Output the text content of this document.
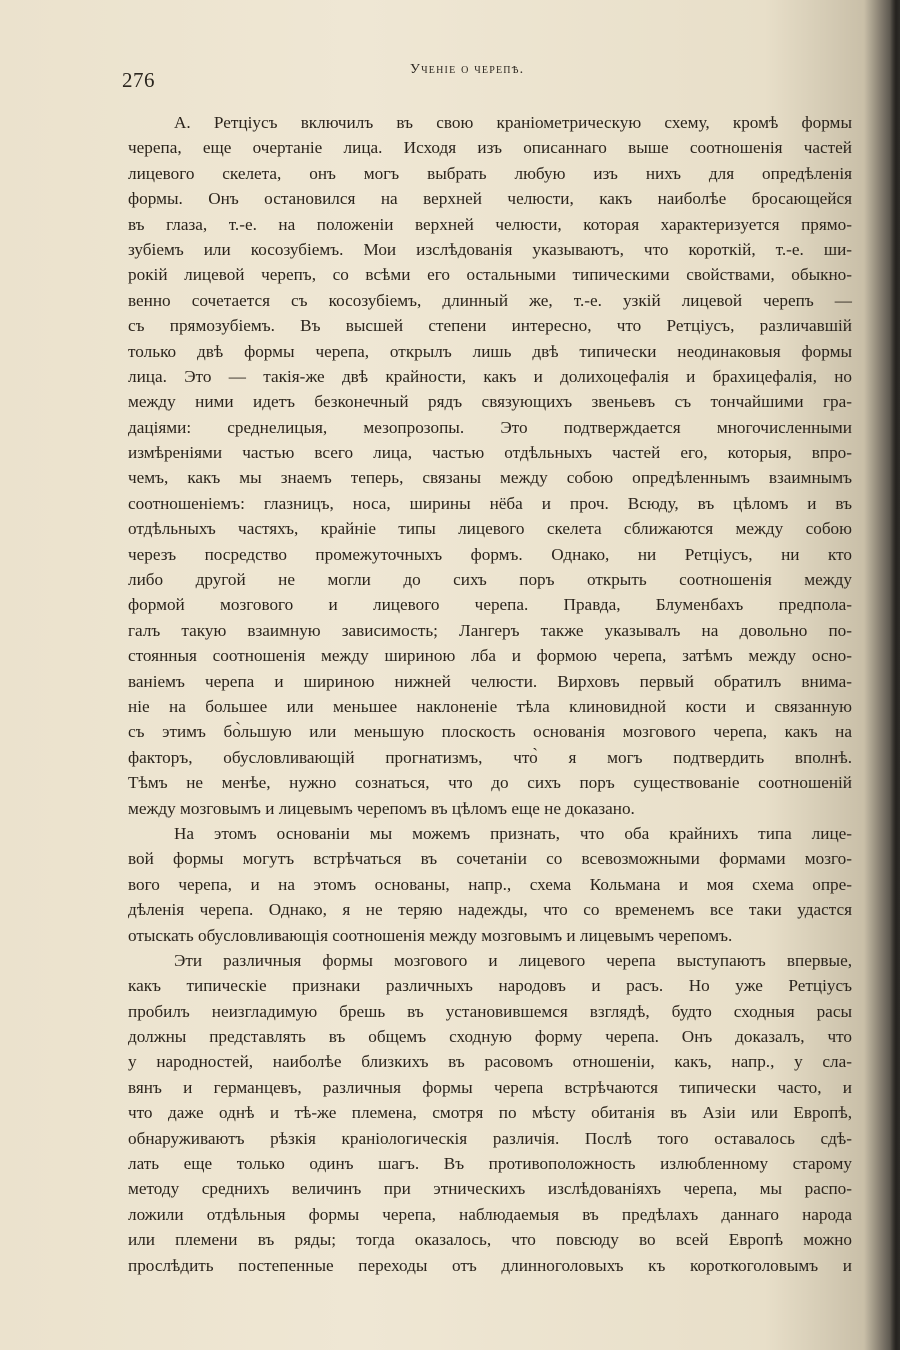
276	Ученіе о черепѣ.
А. Ретціусъ включилъ въ свою краніометрическую схему, кромѣ формы
черепа, еще очертаніе лица. Исходя изъ описаннаго выше соотношенія частей
лицевого скелета, онъ могъ выбрать любую изъ нихъ для опредѣленія
формы. Онъ остановился на верхней челюсти, какъ наиболѣе бросающейся
въ глаза, т.-е. на положеніи верхней челюсти, которая характеризуется прямо-
зубіемъ или косозубіемъ. Мои изслѣдованія указываютъ, что короткій, т.-е. ши-
рокій лицевой черепъ, со всѣми его остальными типическими свойствами, обыкно-
венно сочетается съ косозубіемъ, длинный же, т.-е. узкій лицевой черепъ —
съ прямозубіемъ. Въ высшей степени интересно, что Ретціусъ, различавшій
только двѣ формы черепа, открылъ лишь двѣ типически неодинаковыя формы
лица. Это — такія-же двѣ крайности, какъ и долихоцефалія и брахицефалія, но
между ними идетъ безконечный рядъ связующихъ звеньевъ съ тончайшими гра-
даціями: среднелицыя, мезопрозопы. Это подтверждается многочисленными
измѣреніями частью всего лица, частью отдѣльныхъ частей его, которыя, впро-
чемъ, какъ мы знаемъ теперь, связаны между собою опредѣленнымъ взаимнымъ
соотношеніемъ: глазницъ, носа, ширины нёба и проч. Всюду, въ цѣломъ и въ
отдѣльныхъ частяхъ, крайніе типы лицевого скелета сближаются между собою
черезъ посредство промежуточныхъ формъ. Однако, ни Ретціусъ, ни кто
либо другой не могли до сихъ поръ открыть соотношенія между
формой мозгового и лицевого черепа. Правда, Блуменбахъ предпола-
галъ такую взаимную зависимость; Лангеръ также указывалъ на довольно по-
стоянныя соотношенія между шириною лба и формою черепа, затѣмъ между осно-
ваніемъ черепа и шириною нижней челюсти. Вирховъ первый обратилъ внима-
ніе на большее или меньшее наклоненіе тѣла клиновидной кости и связанную
съ этимъ бо̀льшую или меньшую плоскость основанія мозгового черепа, какъ на
факторъ, обусловливающій прогнатизмъ, что̀ я могъ подтвердить вполнѣ.
Тѣмъ не менѣе, нужно сознаться, что до сихъ поръ существованіе соотношеній
между мозговымъ и лицевымъ черепомъ въ цѣломъ еще не доказано.
На этомъ основаніи мы можемъ признать, что оба крайнихъ типа лице-
вой формы могутъ встрѣчаться въ сочетаніи со всевозможными формами мозго-
вого черепа, и на этомъ основаны, напр., схема Кольмана и моя схема опре-
дѣленія черепа. Однако, я не теряю надежды, что со временемъ все таки удастся
отыскать обусловливающія соотношенія между мозговымъ и лицевымъ черепомъ.
Эти различныя формы мозгового и лицевого черепа выступаютъ впервые,
какъ типическіе признаки различныхъ народовъ и расъ. Но уже Ретціусъ
пробилъ неизгладимую брешь въ установившемся взглядѣ, будто сходныя расы
должны представлять въ общемъ сходную форму черепа. Онъ доказалъ, что
у народностей, наиболѣе близкихъ въ расовомъ отношеніи, какъ, напр., у сла-
вянъ и германцевъ, различныя формы черепа встрѣчаются типически часто, и
что даже однѣ и тѣ-же племена, смотря по мѣсту обитанія въ Азіи или Европѣ,
обнаруживаютъ рѣзкія краніологическія различія. Послѣ того оставалось сдѣ-
лать еще только одинъ шагъ. Въ противоположность излюбленному старому
методу среднихъ величинъ при этническихъ изслѣдованіяхъ черепа, мы распо-
ложили отдѣльныя формы черепа, наблюдаемыя въ предѣлахъ даннаго народа
или племени въ ряды; тогда оказалось, что повсюду во всей Европѣ можно
прослѣдить постепенные переходы отъ длинноголовыхъ къ короткоголовымъ и
